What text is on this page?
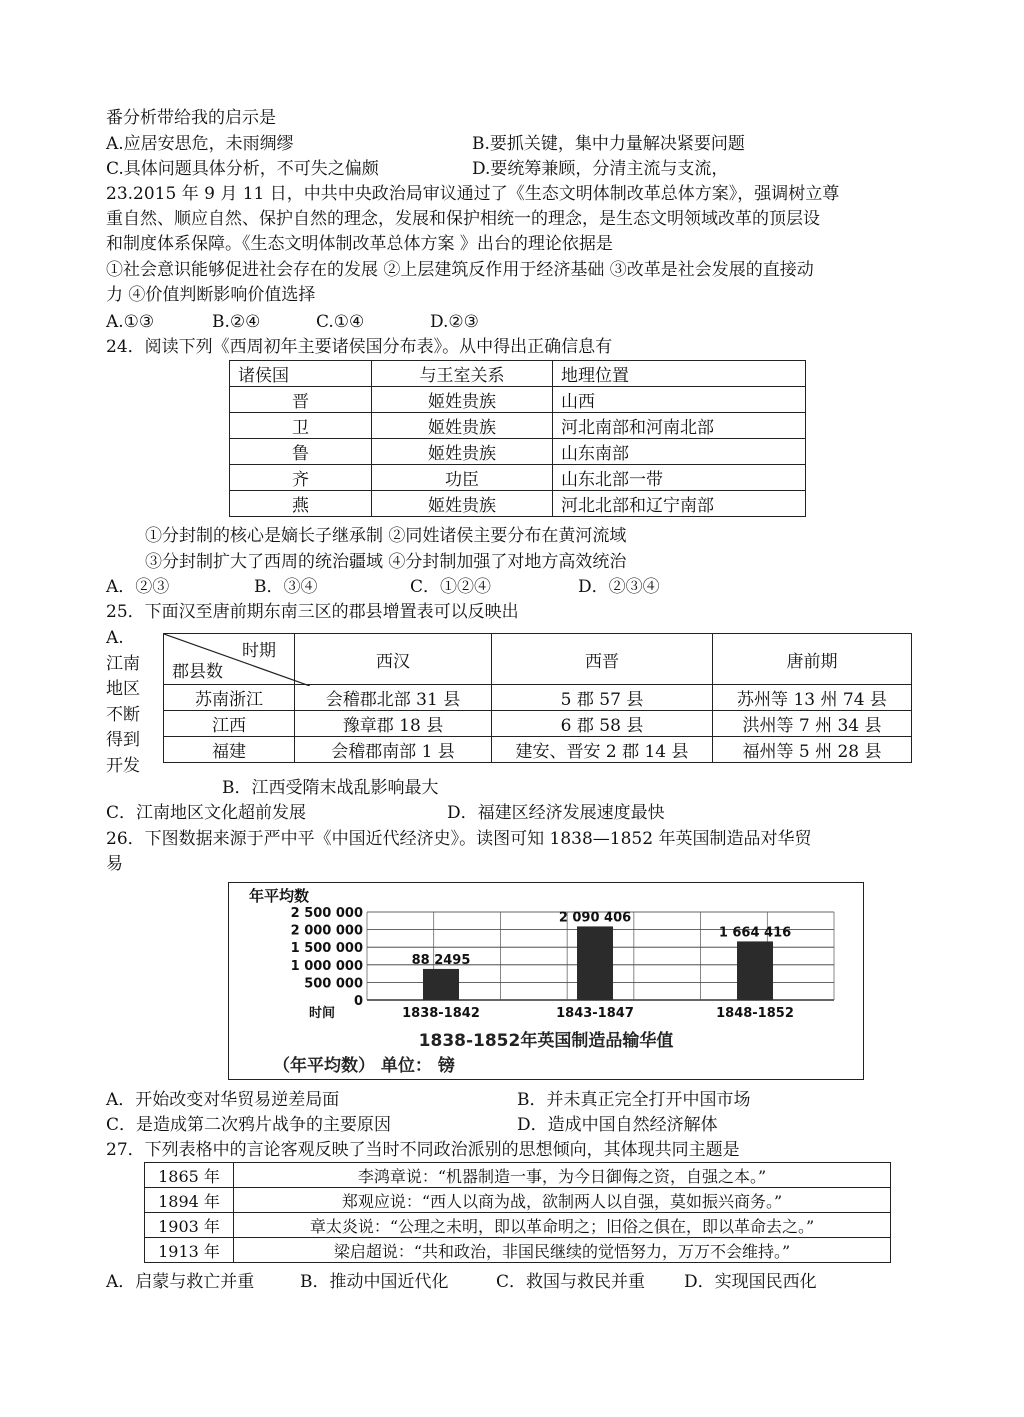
番分析带给我的启示是
A.应居安思危，未雨绸缪	B.要抓关键，集中力量解决紧要问题
C.具体问题具体分析，不可失之偏颇	D.要统筹兼顾，分清主流与支流，
23.2015 年 9 月 11 日，中共中央政治局审议通过了《生态文明体制改革总体方案》，强调树立尊
重自然、顺应自然、保护自然的理念，发展和保护相统一的理念，是生态文明领域改革的顶层设
和制度体系保障。《生态文明体制改革总体方案 》出台的理论依据是
①社会意识能够促进社会存在的发展 ②上层建筑反作用于经济基础 ③改革是社会发展的直接动
力 ④价值判断影响价值选择
A.①③	B.②④	C.①④	D.②③
24．阅读下列《西周初年主要诸侯国分布表》。从中得出正确信息有
诸侯国	与王室关系	地理位置
晋	姬姓贵族	山西
卫	姬姓贵族	河北南部和河南北部
鲁	姬姓贵族	山东南部
齐	功臣	山东北部一带
燕	姬姓贵族	河北北部和辽宁南部
①分封制的核心是嫡长子继承制 ②同姓诸侯主要分布在黄河流域
③分封制扩大了西周的统治疆域 ④分封制加强了对地方高效统治
A．②③	B．③④	C．①②④	D．②③④
25．下面汉至唐前期东南三区的郡县增置表可以反映出
A.
江南
地区
不断
得到
开发
时期
郡县数	西汉	西晋	唐前期
苏南浙江	会稽郡北部 31 县	5 郡 57 县	苏州等 13 州 74 县
江西	豫章郡 18 县	6 郡 58 县	洪州等 7 州 34 县
福建	会稽郡南部 1 县	建安、晋安 2 郡 14 县	福州等 5 州 28 县
B．江西受隋末战乱影响最大
C．江南地区文化超前发展	D．福建区经济发展速度最快
26．下图数据来源于严中平《中国近代经济史》。读图可知 1838—1852 年英国制造品对华贸
易
年平均数
2 500 000
2 000 000
1 500 000
1 000 000
500 000
0
时间
88 2495
1838-1842
2 090 406
1843-1847
1 664 416
1848-1852
1838-1852年英国制造品输华值
（年平均数） 单位： 镑
A．开始改变对华贸易逆差局面	B．并未真正完全打开中国市场
C．是造成第二次鸦片战争的主要原因	D．造成中国自然经济解体
27．下列表格中的言论客观反映了当时不同政治派别的思想倾向，其体现共同主题是
1865 年	李鸿章说：“机器制造一事，为今日御侮之资，自强之本。”
1894 年	郑观应说：“西人以商为战，欲制两人以自强，莫如振兴商务。”
1903 年	章太炎说：“公理之未明，即以革命明之；旧俗之俱在，即以革命去之。”
1913 年	梁启超说：“共和政治，非国民继续的觉悟努力，万万不会维持。”
A．启蒙与救亡并重	B．推动中国近代化	C．救国与救民并重 D．实现国民西化
